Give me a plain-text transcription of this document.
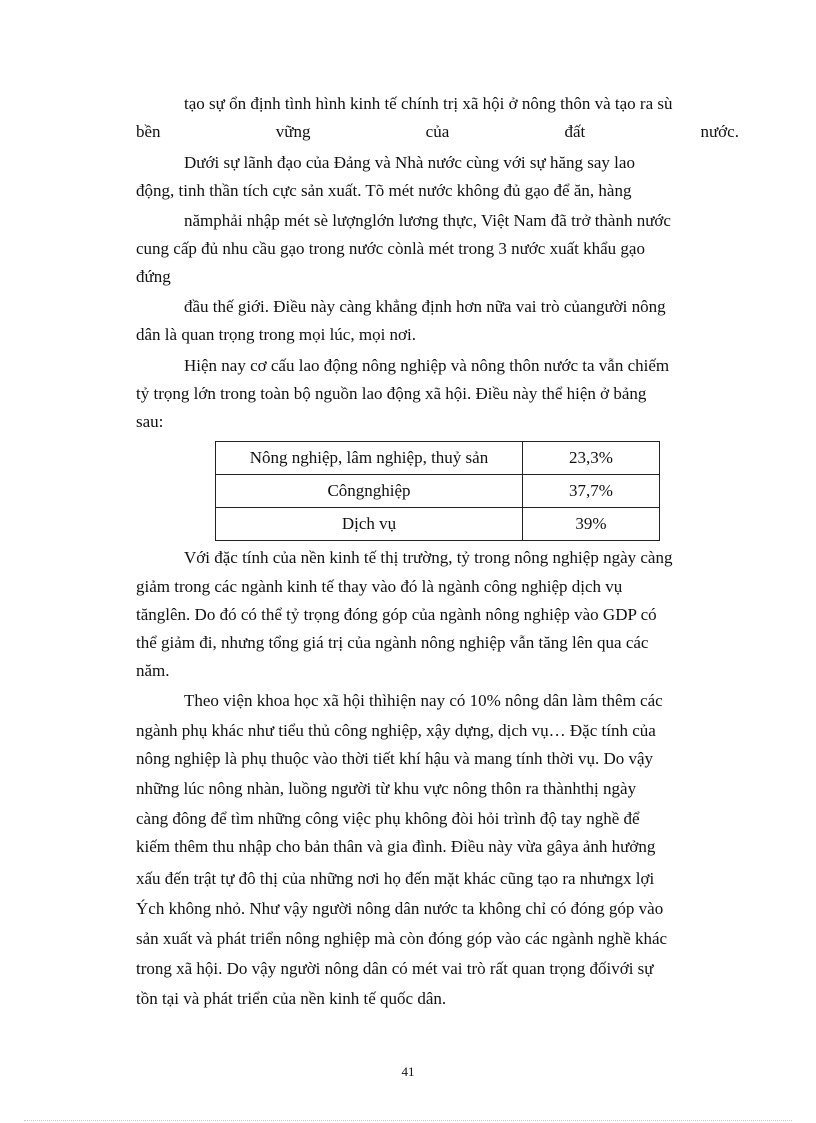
tạo sự ổn định tình hình kinh tế chính trị xã hội ở nông thôn và tạo ra sù
bền	vững	của	đất	nước.
Dưới sự lãnh đạo của Đảng và Nhà nước cùng với sự hăng say lao
động, tinh thần tích cực sản xuất. Tõ mét nước không đủ gạo để ăn, hàng
nămphải nhập mét sè lượnglớn lương thực, Việt Nam đã trở thành nước
cung cấp đủ nhu cầu gạo trong nước cònlà mét trong 3 nước xuất khẩu gạo
đứng
đầu thế giới. Điều này càng khẳng định hơn nữa vai trò củangười nông
dân là quan trọng trong mọi lúc, mọi nơi.
Hiện nay cơ cấu lao động nông nghiệp và nông thôn nước ta vẫn chiếm
tỷ trọng lớn trong toàn bộ nguồn lao động xã hội. Điều này thể hiện ở bảng
sau:
Nông nghiệp, lâm nghiệp, thuỷ sản	23,3%
Côngnghiệp	37,7%
Dịch vụ	39%
Với đặc tính của nền kinh tế thị trường, tỷ trong nông nghiệp ngày càng
giảm trong các ngành kinh tế thay vào đó là ngành công nghiệp dịch vụ
tănglên. Do đó có thể tỷ trọng đóng góp của ngành nông nghiệp vào GDP có
thể giảm đi, nhưng tổng giá trị của ngành nông nghiệp vẫn tăng lên qua các
năm.
Theo viện khoa học xã hội thìhiện nay có 10% nông dân làm thêm các
ngành phụ khác như tiểu thủ công nghiệp, xậy dựng, dịch vụ… Đặc tính của
nông nghiệp là phụ thuộc vào thời tiết khí hậu và mang tính thời vụ. Do vậy
những lúc nông nhàn, luồng người từ khu vực nông thôn ra thànhthị ngày
càng đông để tìm những công việc phụ không đòi hỏi trình độ tay nghề để
kiếm thêm thu nhập cho bản thân và gia đình. Điều này vừa gâya ảnh hưởng
xấu đến trật tự đô thị của những nơi họ đến mặt khác cũng tạo ra nhưngx lợi
Ých không nhỏ. Như vậy người nông dân nước ta không chỉ có đóng góp vào
sản xuất và phát triển nông nghiệp mà còn đóng góp vào các ngành nghề khác
trong xã hội. Do vậy người nông dân có mét vai trò rất quan trọng đốivới sự
tồn tại và phát triển của nền kinh tế quốc dân.
41
